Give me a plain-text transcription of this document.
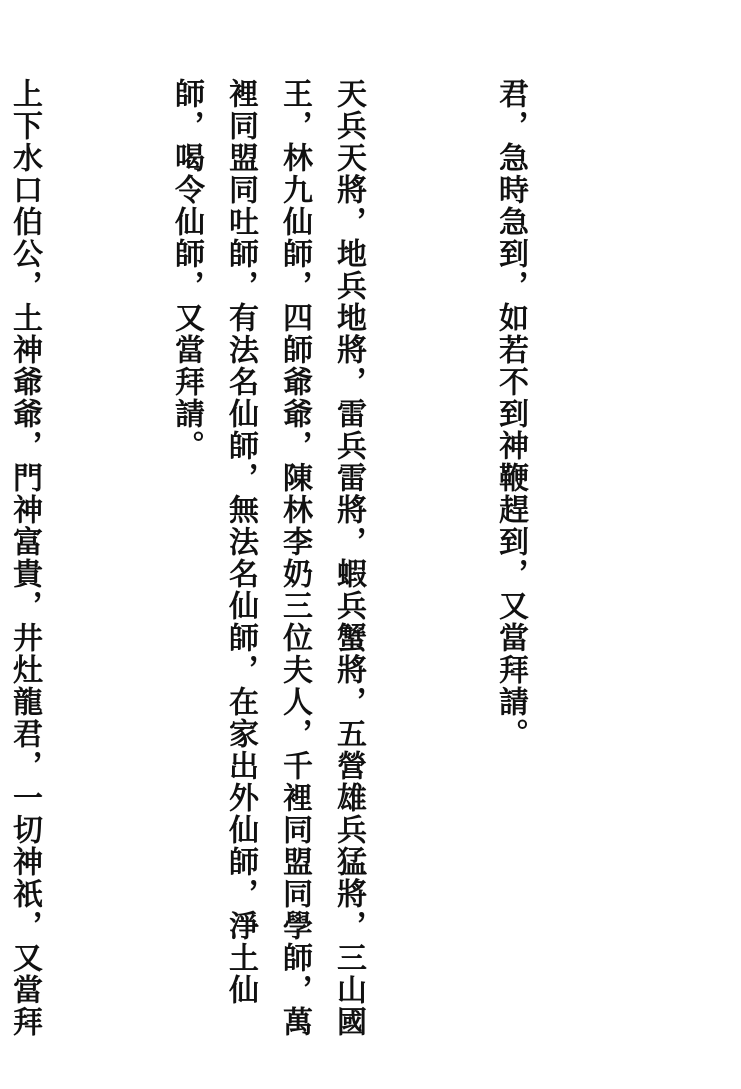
君，急時急到，如若不到神鞭趕到，又當拜請。

天兵天將，地兵地將，雷兵雷將，蝦兵蟹將，五營雄兵猛將，三山國王，林九仙師，四師爺爺，陳林李奶三位夫人，千裡同盟同學師，萬裡同盟同吐師，有法名仙師，無法名仙師，在家出外仙師，淨土仙師，喝令仙師，又當拜請。

上下水口伯公，土神爺爺，門神富貴，井灶龍君，一切神祇，又當拜
